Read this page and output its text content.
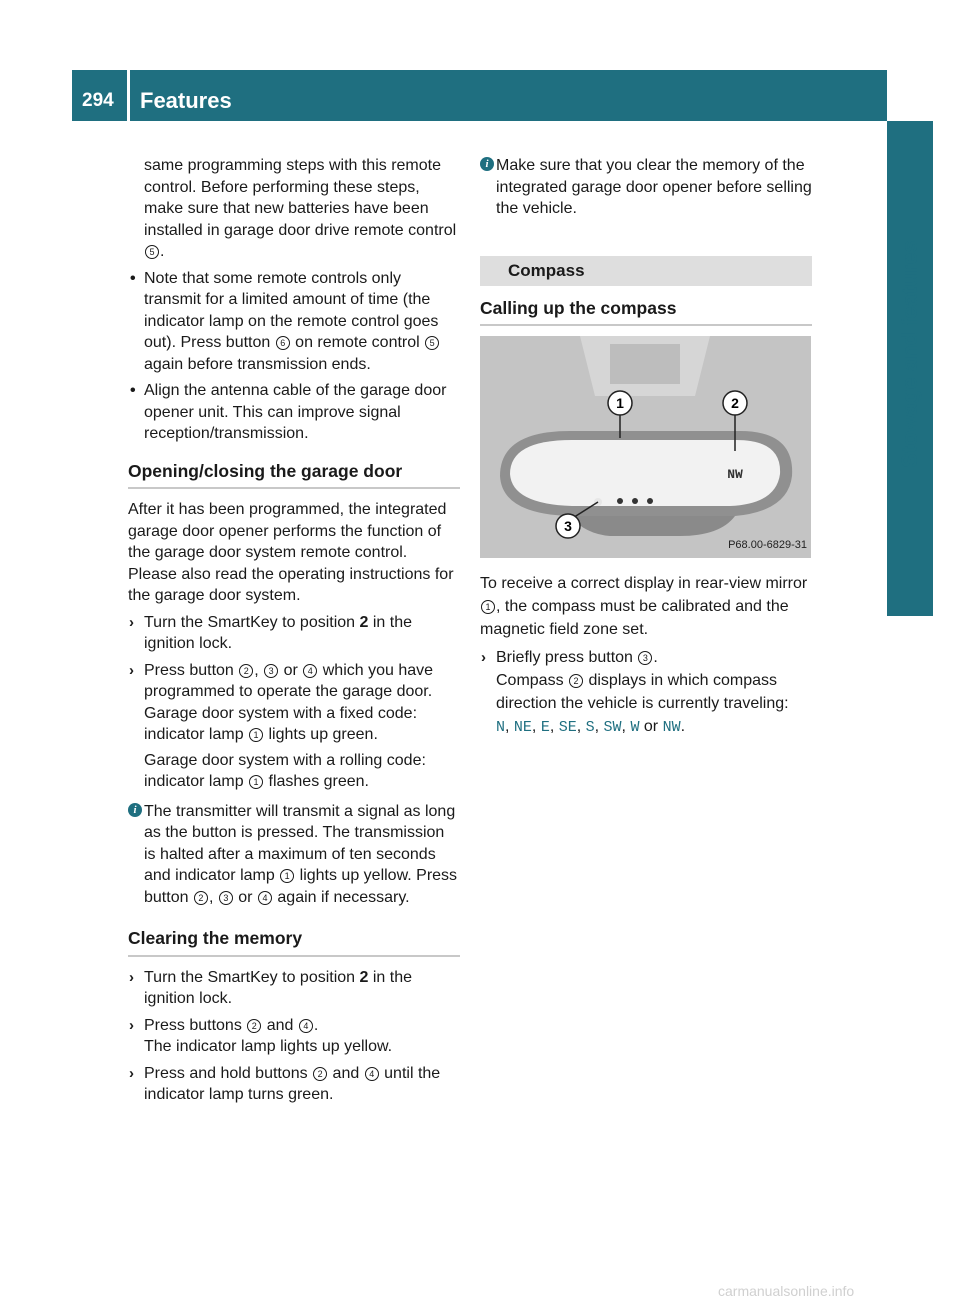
294 Features
Stowage and features

same programming steps with this remote control. Before performing these steps, make sure that new batteries have been installed in garage door drive remote control 5 .

• Note that some remote controls only transmit for a limited amount of time (the indicator lamp on the remote control goes out). Press button 6 on remote control 5 again before transmission ends.

• Align the antenna cable of the garage door opener unit. This can improve signal reception/transmission.

Opening/closing the garage door

After it has been programmed, the integrated garage door opener performs the function of the garage door system remote control. Please also read the operating instructions for the garage door system.

› Turn the SmartKey to position 2 in the ignition lock.

› Press button 2 , 3 or 4 which you have programmed to operate the garage door.
Garage door system with a fixed code: indicator lamp 1 lights up green.

Garage door system with a rolling code: indicator lamp 1 flashes green.

i The transmitter will transmit a signal as long as the button is pressed. The transmission is halted after a maximum of ten seconds and indicator lamp 1 lights up yellow. Press button 2 , 3 or 4 again if necessary.

Clearing the memory

› Turn the SmartKey to position 2 in the ignition lock.

› Press buttons 2 and 4 .
The indicator lamp lights up yellow.

› Press and hold buttons 2 and 4 until the indicator lamp turns green.

i Make sure that you clear the memory of the integrated garage door opener before selling the vehicle.

Compass
Calling up the compass
1	2
3
NW
P68.00-6829-31

To receive a correct display in rear-view mirror 1 , the compass must be calibrated and the magnetic field zone set.

› Briefly press button 3 .
Compass 2 displays in which compass direction the vehicle is currently traveling:
N, NE, E, SE, S, SW, W or NW.

carmanualsonline.info
